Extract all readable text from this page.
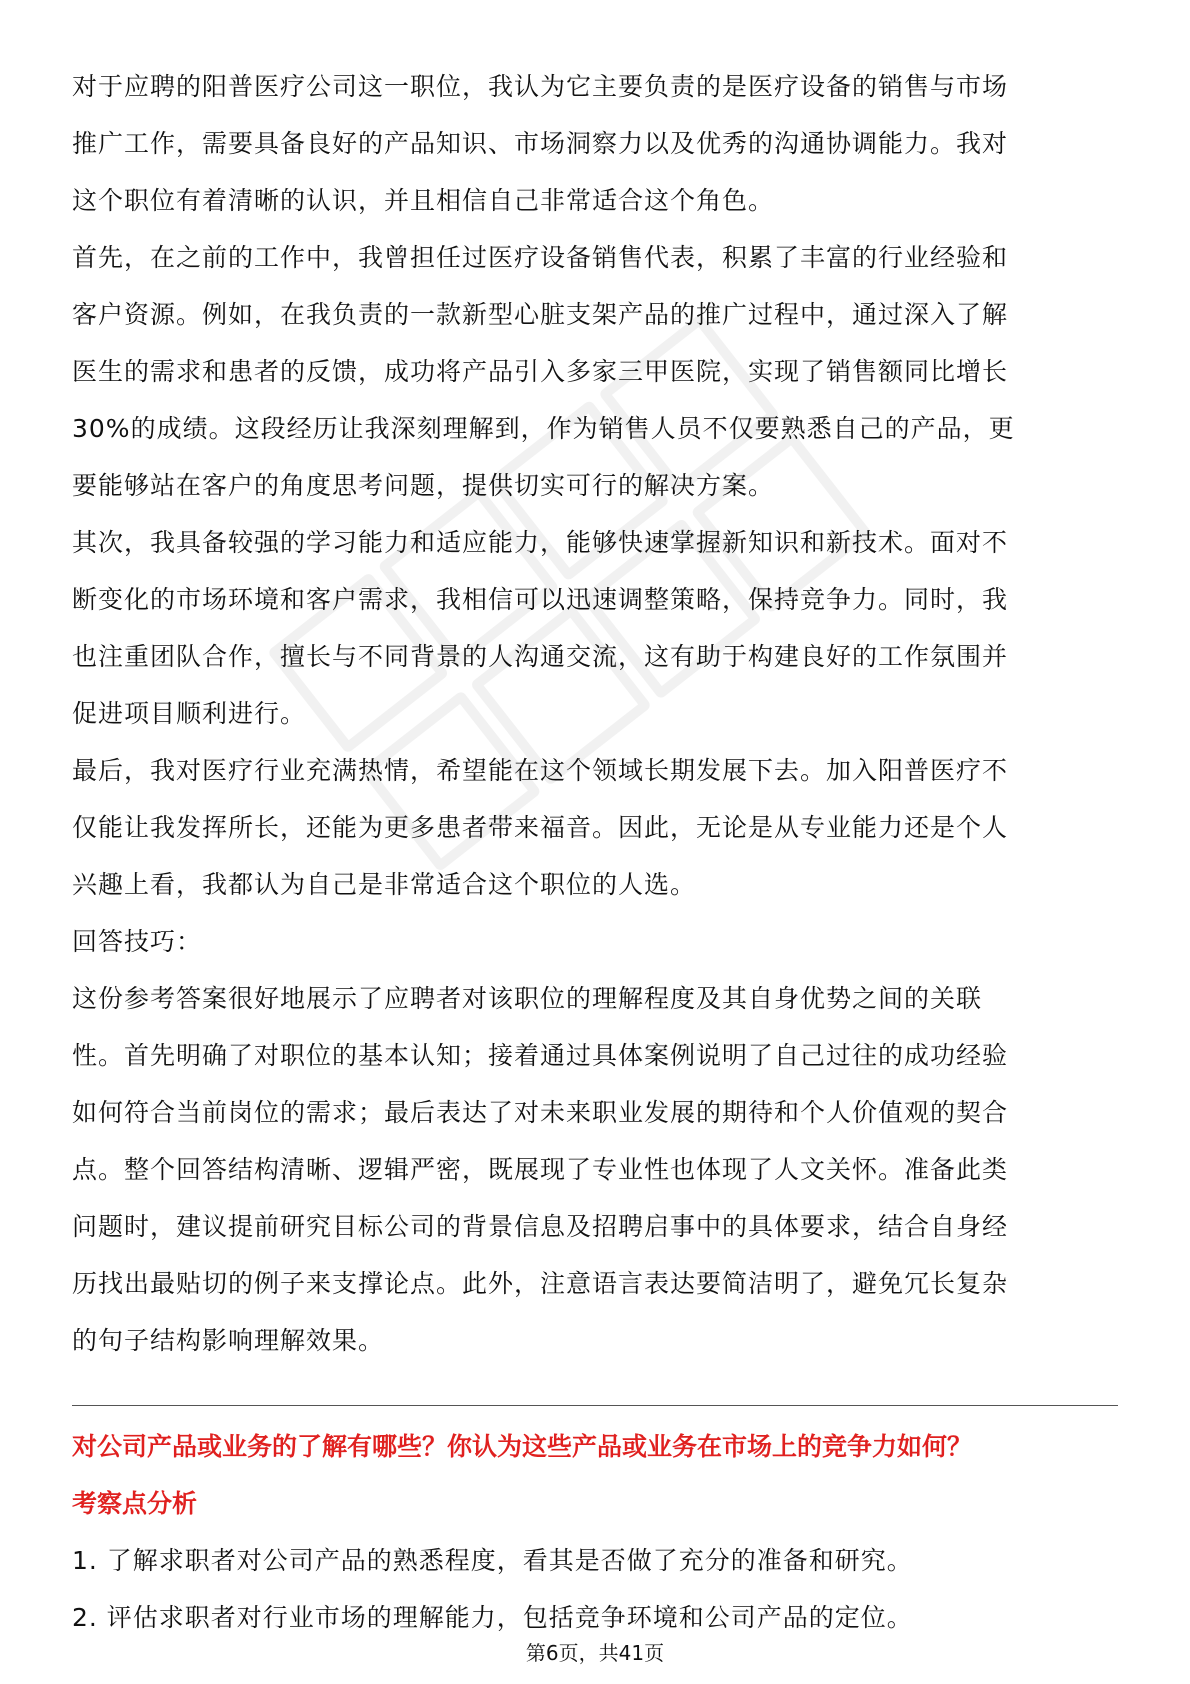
对于应聘的阳普医疗公司这一职位，我认为它主要负责的是医疗设备的销售与市场
推广工作，需要具备良好的产品知识、市场洞察力以及优秀的沟通协调能力。我对
这个职位有着清晰的认识，并且相信自己非常适合这个角色。

首先，在之前的工作中，我曾担任过医疗设备销售代表，积累了丰富的行业经验和
客户资源。例如，在我负责的一款新型心脏支架产品的推广过程中，通过深入了解
医生的需求和患者的反馈，成功将产品引入多家三甲医院，实现了销售额同比增长
30%的成绩。这段经历让我深刻理解到，作为销售人员不仅要熟悉自己的产品，更
要能够站在客户的角度思考问题，提供切实可行的解决方案。

其次，我具备较强的学习能力和适应能力，能够快速掌握新知识和新技术。面对不
断变化的市场环境和客户需求，我相信可以迅速调整策略，保持竞争力。同时，我
也注重团队合作，擅长与不同背景的人沟通交流，这有助于构建良好的工作氛围并
促进项目顺利进行。

最后，我对医疗行业充满热情，希望能在这个领域长期发展下去。加入阳普医疗不
仅能让我发挥所长，还能为更多患者带来福音。因此，无论是从专业能力还是个人
兴趣上看，我都认为自己是非常适合这个职位的人选。

回答技巧：

这份参考答案很好地展示了应聘者对该职位的理解程度及其自身优势之间的关联
性。首先明确了对职位的基本认知；接着通过具体案例说明了自己过往的成功经验
如何符合当前岗位的需求；最后表达了对未来职业发展的期待和个人价值观的契合
点。整个回答结构清晰、逻辑严密，既展现了专业性也体现了人文关怀。准备此类
问题时，建议提前研究目标公司的背景信息及招聘启事中的具体要求，结合自身经
历找出最贴切的例子来支撑论点。此外，注意语言表达要简洁明了，避免冗长复杂
的句子结构影响理解效果。

对公司产品或业务的了解有哪些？你认为这些产品或业务在市场上的竞争力如何？

考察点分析

1. 了解求职者对公司产品的熟悉程度，看其是否做了充分的准备和研究。

2. 评估求职者对行业市场的理解能力，包括竞争环境和公司产品的定位。

第6页，共41页
